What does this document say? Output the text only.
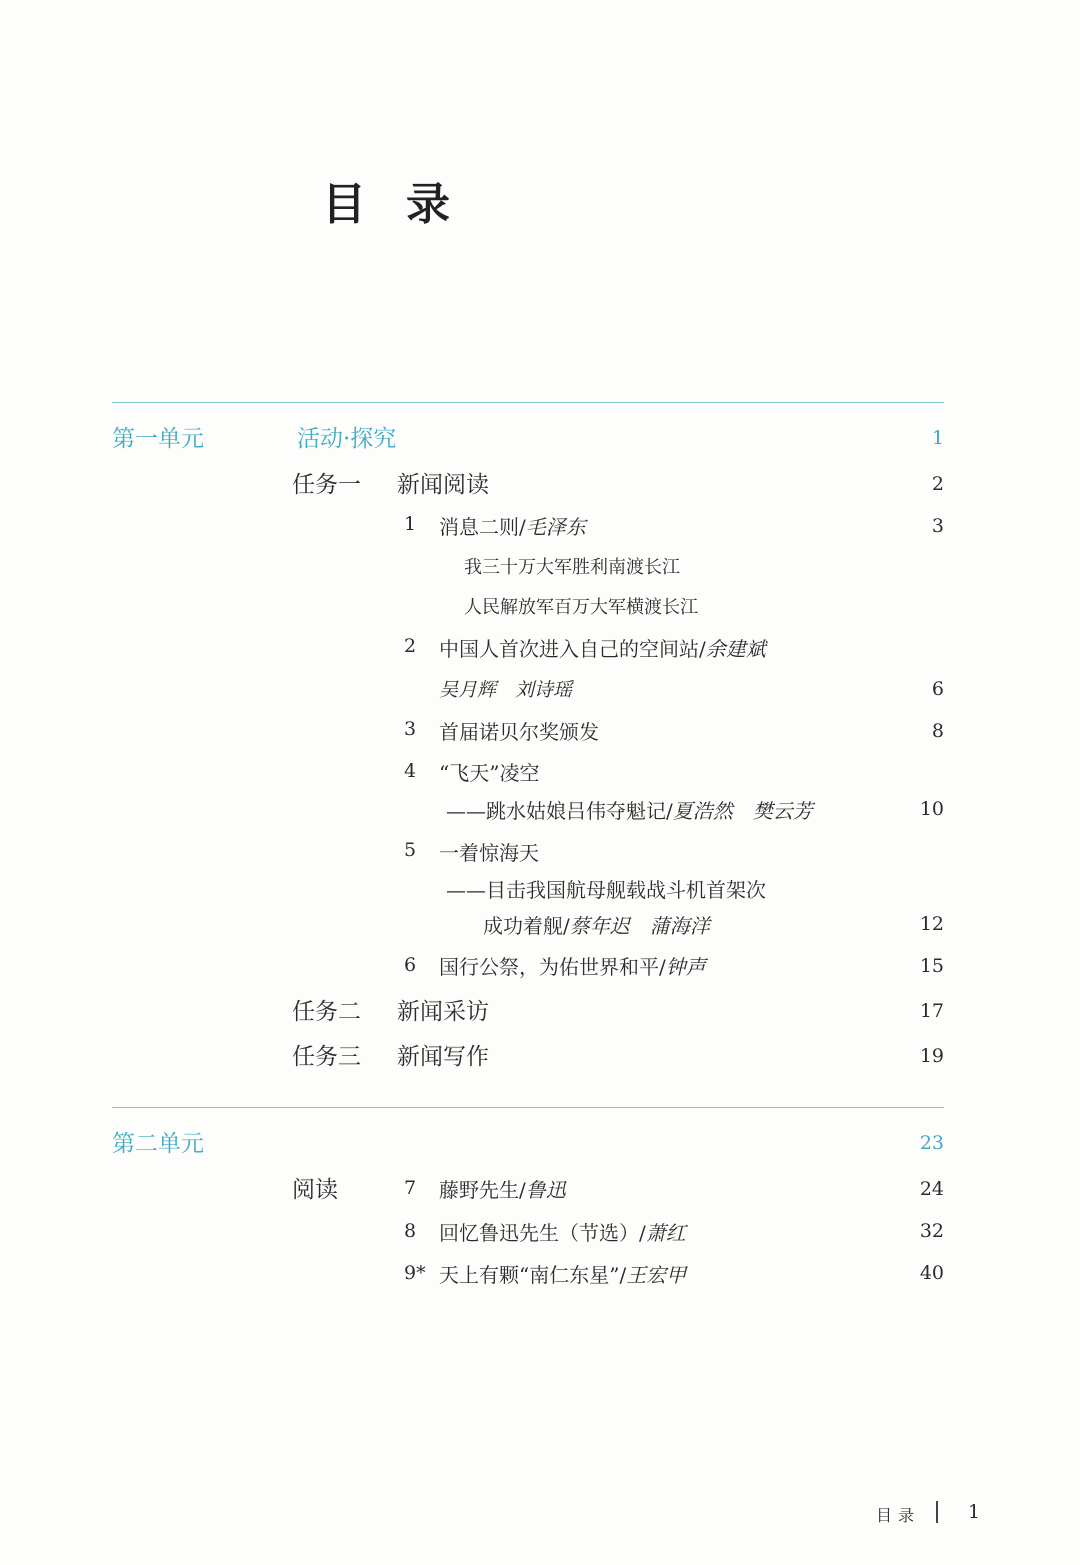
目录
第一单元	活动·探究	1
任务一 新闻阅读	2
1 消息二则/毛泽东	3
我三十万大军胜利南渡长江
人民解放军百万大军横渡长江
2 中国人首次进入自己的空间站/余建斌
吴月辉　刘诗瑶	6
3 首届诺贝尔奖颁发	8
4 “飞天”凌空
——跳水姑娘吕伟夺魁记/夏浩然　樊云芳	10
5 一着惊海天
——目击我国航母舰载战斗机首架次
成功着舰/蔡年迟　蒲海洋	12
6 国行公祭，为佑世界和平/钟声	15
任务二 新闻采访	17
任务三 新闻写作	19
第二单元	23
阅读	7 藤野先生/鲁迅	24
8 回忆鲁迅先生（节选）/萧红	32
9* 天上有颗“南仁东星”/王宏甲	40
目录	1
